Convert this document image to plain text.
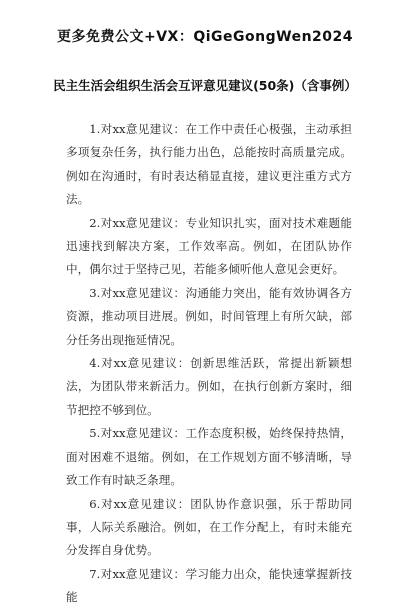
更多免费公文+VX：QiGeGongWen2024
民主生活会组织生活会互评意见建议(50条)（含事例）

1.对xx意见建议：在工作中责任心极强，主动承担多项复杂任务，执行能力出色，总能按时高质量完成。例如在沟通时，有时表达稍显直接，建议更注重方式方法。

2.对xx意见建议：专业知识扎实，面对技术难题能迅速找到解决方案，工作效率高。例如，在团队协作中，偶尔过于坚持己见，若能多倾听他人意见会更好。

3.对xx意见建议：沟通能力突出，能有效协调各方资源，推动项目进展。例如，时间管理上有所欠缺，部分任务出现拖延情况。

4.对xx意见建议：创新思维活跃，常提出新颖想法，为团队带来新活力。例如，在执行创新方案时，细节把控不够到位。

5.对xx意见建议：工作态度积极，始终保持热情，面对困难不退缩。例如，在工作规划方面不够清晰，导致工作有时缺乏条理。

6.对xx意见建议：团队协作意识强，乐于帮助同事，人际关系融洽。例如，在工作分配上，有时未能充分发挥自身优势。

7.对xx意见建议：学习能力出众，能快速掌握新技能
